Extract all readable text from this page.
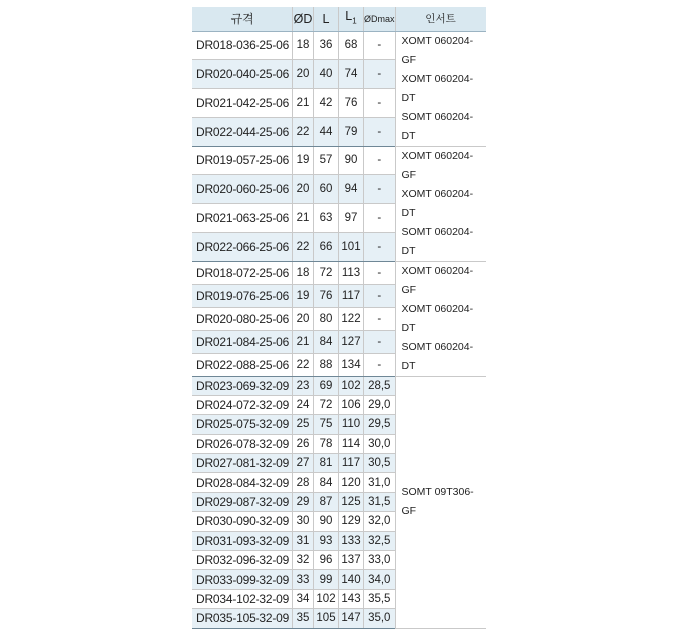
규격	ØD	L	$L_1$	ØDmax	인서트
DR018-036-25-06	18	36	68	-	XOMT 060204-GF
XOMT 060204-DT
SOMT 060204-DT

DR020-040-25-06	20	40	74	-	
DR021-042-25-06	21	42	76	-	
DR022-044-25-06	22	44	79	-	
DR019-057-25-06	19	57	90	-	XOMT 060204-GF
XOMT 060204-DT
SOMT 060204-DT

DR020-060-25-06	20	60	94	-	
DR021-063-25-06	21	63	97	-	
DR022-066-25-06	22	66	101	-	
DR018-072-25-06	18	72	113	-	XOMT 060204-GF
XOMT 060204-DT
SOMT 060204-DT

DR019-076-25-06	19	76	117	-	
DR020-080-25-06	20	80	122	-	
DR021-084-25-06	21	84	127	-	
DR022-088-25-06	22	88	134	-	
DR023-069-32-09	23	69	102	28,5	SOMT 09T306-GF

DR024-072-32-09	24	72	106	29,0	
DR025-075-32-09	25	75	110	29,5	
DR026-078-32-09	26	78	114	30,0	
DR027-081-32-09	27	81	117	30,5	
DR028-084-32-09	28	84	120	31,0	
DR029-087-32-09	29	87	125	31,5	
DR030-090-32-09	30	90	129	32,0	
DR031-093-32-09	31	93	133	32,5	
DR032-096-32-09	32	96	137	33,0	
DR033-099-32-09	33	99	140	34,0	
DR034-102-32-09	34	102	143	35,5	
DR035-105-32-09	35	105	147	35,0	
